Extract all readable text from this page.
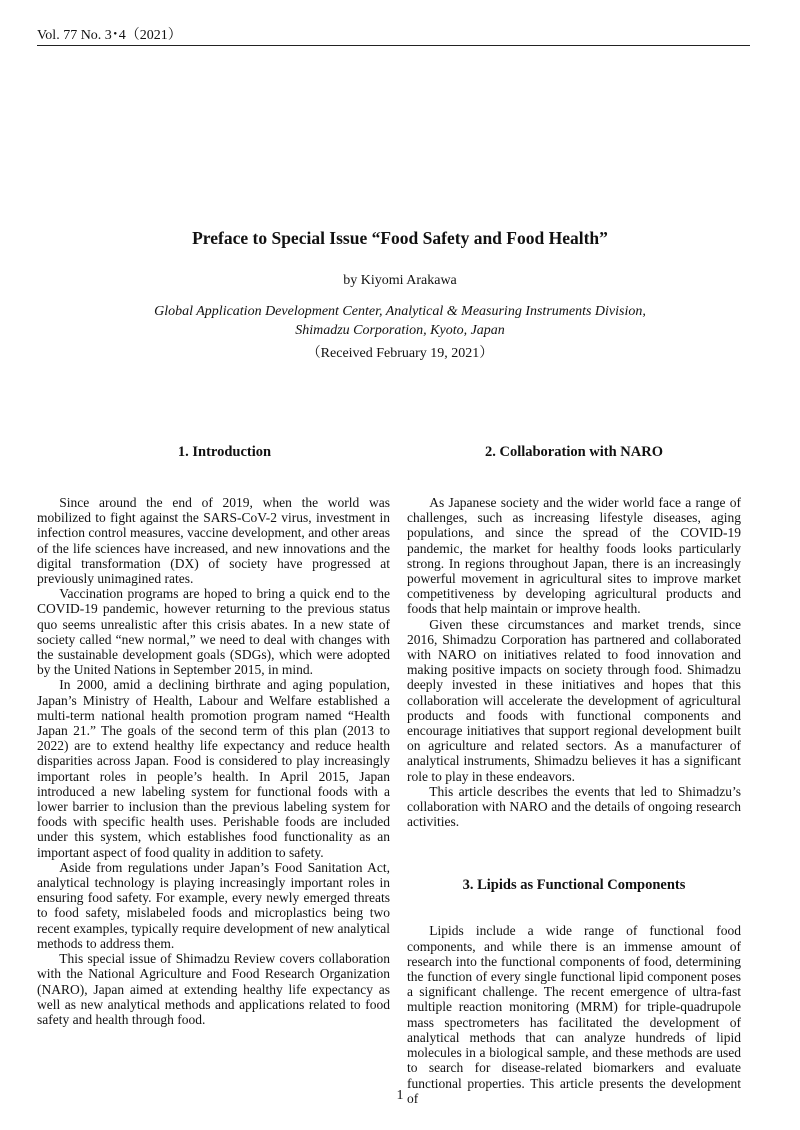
Vol. 77 No. 3･4（2021）
Preface to Special Issue “Food Safety and Food Health”
by Kiyomi Arakawa
Global Application Development Center, Analytical & Measuring Instruments Division,
Shimadzu Corporation, Kyoto, Japan
（Received February 19, 2021）
1. Introduction

Since around the end of 2019, when the world was mobilized to fight against the SARS-CoV-2 virus, investment in infection control measures, vaccine development, and other areas of the life sciences have increased, and new innovations and the digital transformation (DX) of society have progressed at previously unimagined rates.

Vaccination programs are hoped to bring a quick end to the COVID-19 pandemic, however returning to the previous status quo seems unrealistic after this crisis abates. In a new state of society called “new normal,” we need to deal with changes with the sustainable development goals (SDGs), which were adopted by the United Nations in September 2015, in mind.

In 2000, amid a declining birthrate and aging population, Japan’s Ministry of Health, Labour and Welfare established a multi-term national health promotion program named “Health Japan 21.” The goals of the second term of this plan (2013 to 2022) are to extend healthy life expectancy and reduce health disparities across Japan. Food is considered to play increasingly important roles in people’s health. In April 2015, Japan introduced a new labeling system for functional foods with a lower barrier to inclusion than the previous labeling system for foods with specific health uses. Perishable foods are included under this system, which establishes food functionality as an important aspect of food quality in addition to safety.

Aside from regulations under Japan’s Food Sanitation Act, analytical technology is playing increasingly important roles in ensuring food safety. For example, every newly emerged threats to food safety, mislabeled foods and microplastics being two recent examples, typically require development of new analytical methods to address them.

This special issue of Shimadzu Review covers collaboration with the National Agriculture and Food Research Organization (NARO), Japan aimed at extending healthy life expectancy as well as new analytical methods and applications related to food safety and health through food.

2. Collaboration with NARO

As Japanese society and the wider world face a range of challenges, such as increasing lifestyle diseases, aging populations, and since the spread of the COVID-19 pandemic, the market for healthy foods looks particularly strong. In regions throughout Japan, there is an increasingly powerful movement in agricultural sites to improve market competitiveness by developing agricultural products and foods that help maintain or improve health.

Given these circumstances and market trends, since 2016, Shimadzu Corporation has partnered and collaborated with NARO on initiatives related to food innovation and making positive impacts on society through food. Shimadzu deeply invested in these initiatives and hopes that this collaboration will accelerate the development of agricultural products and foods with functional components and encourage initiatives that support regional development built on agriculture and related sectors. As a manufacturer of analytical instruments, Shimadzu believes it has a significant role to play in these endeavors.

This article describes the events that led to Shimadzu’s collaboration with NARO and the details of ongoing research activities.

3. Lipids as Functional Components

Lipids include a wide range of functional food components, and while there is an immense amount of research into the functional components of food, determining the function of every single functional lipid component poses a significant challenge. The recent emergence of ultra-fast multiple reaction monitoring (MRM) for triple-quadrupole mass spectrometers has facilitated the development of analytical methods that can analyze hundreds of lipid molecules in a biological sample, and these methods are used to search for disease-related biomarkers and evaluate functional properties. This article presents the development of

1
